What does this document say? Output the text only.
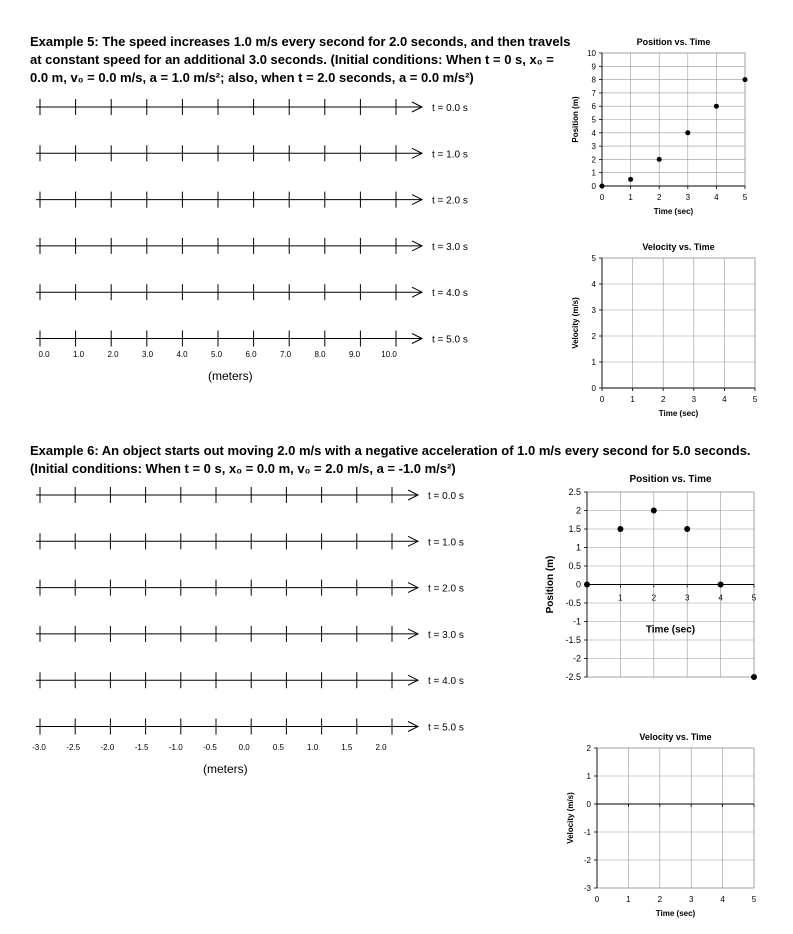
Example 5: The speed increases 1.0 m/s every second for 2.0 seconds, and then travels
at constant speed for an additional 3.0 seconds. (Initial conditions: When t = 0 s, x₀ =
0.0 m, v₀ = 0.0 m/s, a = 1.0 m/s²; also, when t = 2.0 seconds, a = 0.0 m/s²)
Example 6: An object starts out moving 2.0 m/s with a negative acceleration of 1.0 m/s every second for 5.0 seconds.
(Initial conditions: When t = 0 s, x₀ = 0.0 m, v₀ = 2.0 m/s, a = -1.0 m/s²)
(meters)
(meters)
t = 0.0 s
t = 1.0 s
t = 2.0 s
t = 3.0 s
t = 4.0 s
t = 5.0 s
0.0	1.0	2.0	3.0	4.0	5.0	6.0	7.0	8.0	9.0	10.0
t = 0.0 s
t = 1.0 s
t = 2.0 s
t = 3.0 s
t = 4.0 s
t = 5.0 s
-3.0	-2.5	-2.0	-1.5	-1.0	-0.5	0.0	0.5	1.0	1.5	2.0
0
1
2
3
4
5
6
7
8
9
10
0	1	2	3	4	5
Position vs. Time
Time (sec)
Position (m)
0
1
2
3
4
5
0	1	2	3	4	5
Velocity vs. Time
Time (sec)
Velocity (m/s)
2.5
2
1.5
1
0.5
0
-0.5
-1
-1.5
-2
-2.5
1	2	3	4	5
Position vs. Time
Time (sec)
Position (m)
2
1
0
-1
-2
-3
0	1	2	3	4	5
Velocity vs. Time
Time (sec)
Velocity (m/s)
